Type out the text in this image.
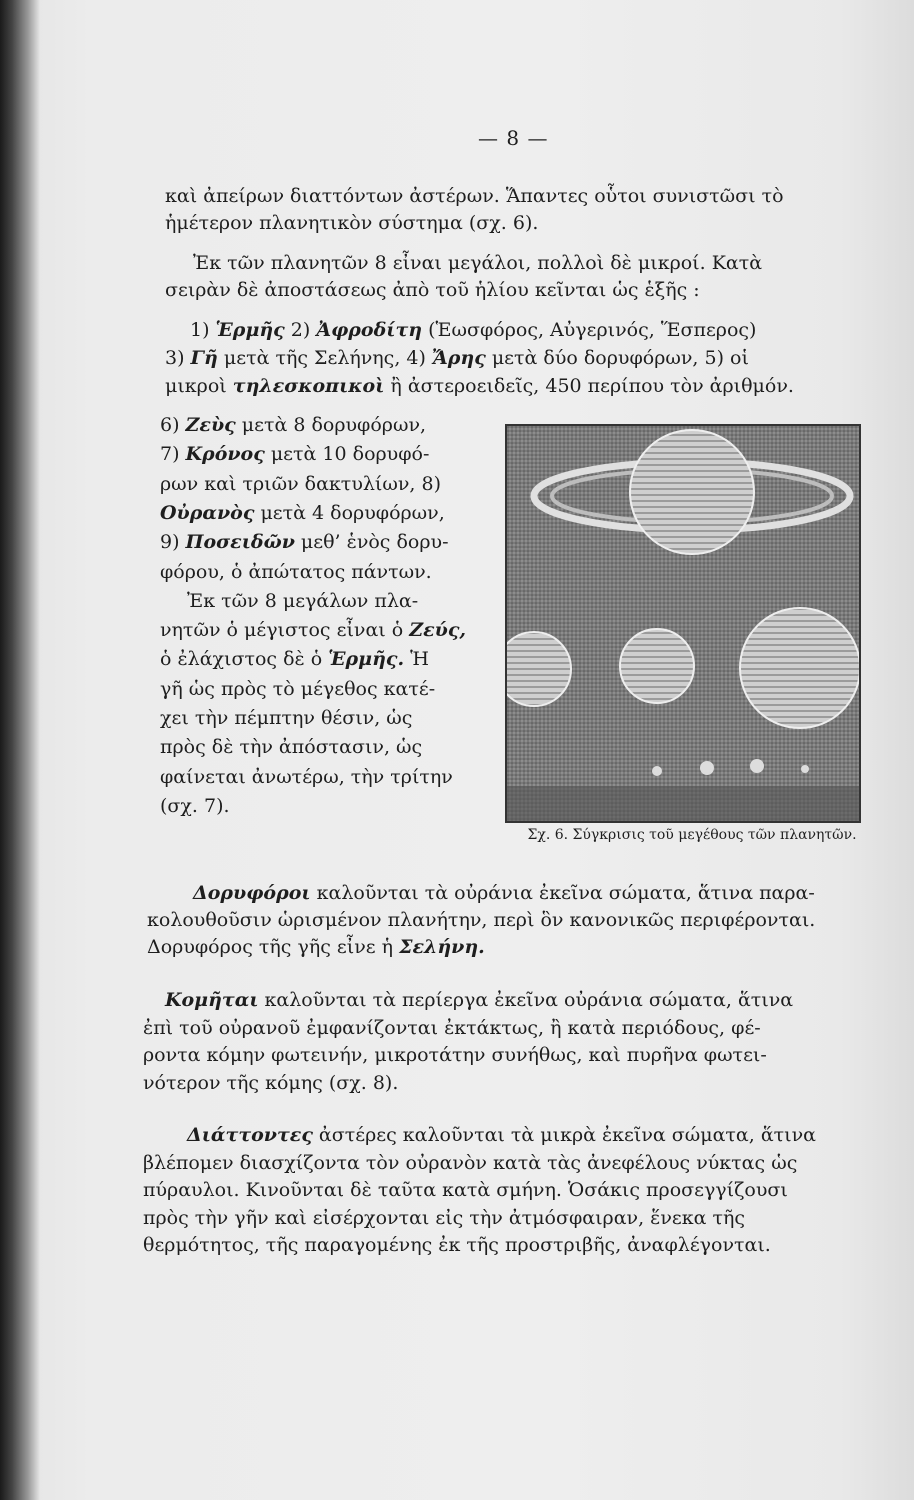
— 8 —
καὶ ἀπείρων διαττόντων ἀστέρων. Ἅπαντες οὗτοι συνιστῶσι τὸ
ἡμέτερον πλανητικὸν σύστημα (σχ. 6).
Ἐκ τῶν πλανητῶν 8 εἶναι μεγάλοι, πολλοὶ δὲ μικροί. Κατὰ
σειρὰν δὲ ἀποστάσεως ἀπὸ τοῦ ἡλίου κεῖνται ὡς ἑξῆς :
1) Ἑρμῆς 2) Ἀφροδίτη (Ἑωσφόρος, Αὐγερινός, Ἕσπερος)
3) Γῆ μετὰ τῆς Σελήνης, 4) Ἄρης μετὰ δύο δορυφόρων, 5) οἱ
μικροὶ τηλεσκοπικοὶ ἢ ἀστεροειδεῖς, 450 περίπου τὸν ἀριθμόν.
6) Ζεὺς μετὰ 8 δορυφόρων,
7) Κρόνος μετὰ 10 δορυφό-
ρων καὶ τριῶν δακτυλίων, 8)
Οὐρανὸς μετὰ 4 δορυφόρων,
9) Ποσειδῶν μεθ’ ἑνὸς δορυ-
φόρου, ὁ ἀπώτατος πάντων.
Ἐκ τῶν 8 μεγάλων πλα-
νητῶν ὁ μέγιστος εἶναι ὁ Ζεύς,
ὁ ἐλάχιστος δὲ ὁ Ἑρμῆς. Ἡ
γῆ ὡς πρὸς τὸ μέγεθος κατέ-
χει τὴν πέμπτην θέσιν, ὡς
πρὸς δὲ τὴν ἀπόστασιν, ὡς
φαίνεται ἀνωτέρω, τὴν τρίτην
(σχ. 7).
Σχ. 6. Σύγκρισις τοῦ μεγέθους τῶν πλανητῶν.
Δορυφόροι καλοῦνται τὰ οὐράνια ἐκεῖνα σώματα, ἅτινα παρα-
κολουθοῦσιν ὡρισμένον πλανήτην, περὶ ὃν κανονικῶς περιφέρονται.
Δορυφόρος τῆς γῆς εἶνε ἡ Σελήνη.
Κομῆται καλοῦνται τὰ περίεργα ἐκεῖνα οὐράνια σώματα, ἅτινα
ἐπὶ τοῦ οὐρανοῦ ἐμφανίζονται ἐκτάκτως, ἢ κατὰ περιόδους, φέ-
ροντα κόμην φωτεινήν, μικροτάτην συνήθως, καὶ πυρῆνα φωτει-
νότερον τῆς κόμης (σχ. 8).
Διάττοντες ἀστέρες καλοῦνται τὰ μικρὰ ἐκεῖνα σώματα, ἅτινα
βλέπομεν διασχίζοντα τὸν οὐρανὸν κατὰ τὰς ἀνεφέλους νύκτας ὡς
πύραυλοι. Κινοῦνται δὲ ταῦτα κατὰ σμήνη. Ὁσάκις προσεγγίζουσι
πρὸς τὴν γῆν καὶ εἰσέρχονται εἰς τὴν ἀτμόσφαιραν, ἕνεκα τῆς
θερμότητος, τῆς παραγομένης ἐκ τῆς προστριβῆς, ἀναφλέγονται.
